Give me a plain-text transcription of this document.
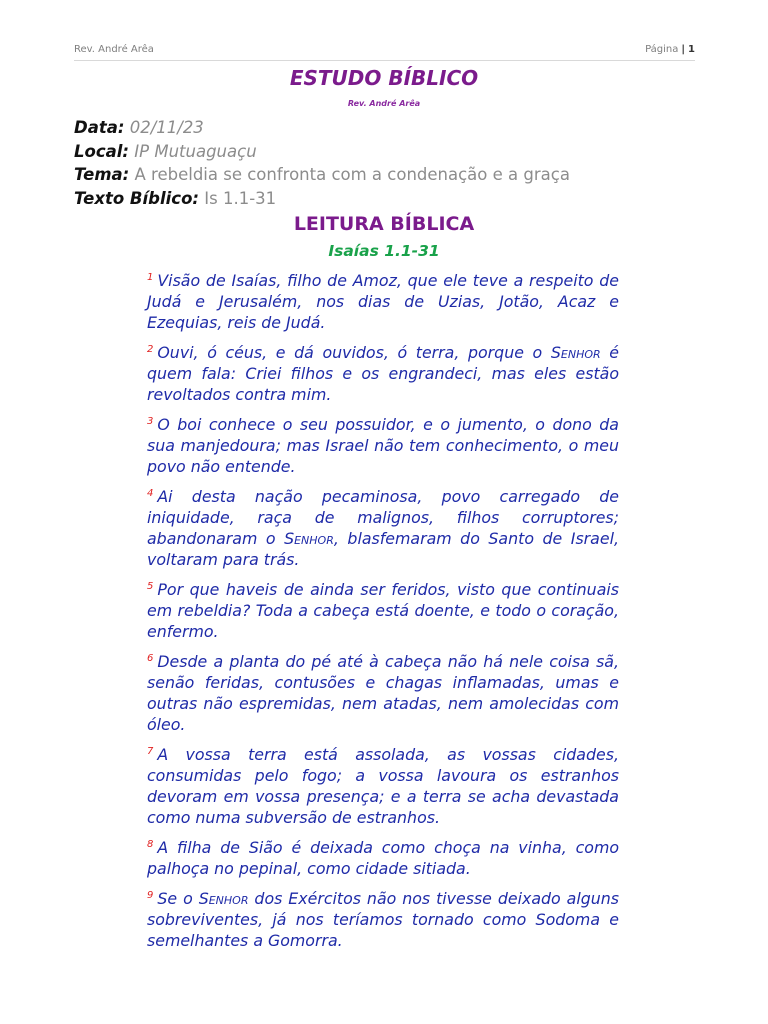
Rev. André Arêa	Página | 1
ESTUDO BÍBLICO
Rev. André Arêa
Data: 02/11/23
Local: IP Mutuaguaçu
Tema: A rebeldia se confronta com a condenação e a graça
Texto Bíblico: Is 1.1-31
LEITURA BÍBLICA
Isaías 1.1-31

$^1$ Visão de Isaías, filho de Amoz, que ele teve a respeito de Judá e Jerusalém, nos dias de Uzias, Jotão, Acaz e Ezequias, reis de Judá.

$^2$ Ouvi, ó céus, e dá ouvidos, ó terra, porque o Senhor é quem fala: Criei filhos e os engrandeci, mas eles estão revoltados contra mim.

$^3$ O boi conhece o seu possuidor, e o jumento, o dono da sua manjedoura; mas Israel não tem conhecimento, o meu povo não entende.

$^4$ Ai desta nação pecaminosa, povo carregado de iniquidade, raça de malignos, filhos corruptores; abandonaram o Senhor, blasfemaram do Santo de Israel, voltaram para trás.

$^5$ Por que haveis de ainda ser feridos, visto que continuais em rebeldia? Toda a cabeça está doente, e todo o coração, enfermo.

$^6$ Desde a planta do pé até à cabeça não há nele coisa sã, senão feridas, contusões e chagas inflamadas, umas e outras não espremidas, nem atadas, nem amolecidas com óleo.

$^7$ A vossa terra está assolada, as vossas cidades, consumidas pelo fogo; a vossa lavoura os estranhos devoram em vossa presença; e a terra se acha devastada como numa subversão de estranhos.

$^8$ A filha de Sião é deixada como choça na vinha, como palhoça no pepinal, como cidade sitiada.

$^9$ Se o Senhor dos Exércitos não nos tivesse deixado alguns sobreviventes, já nos teríamos tornado como Sodoma e semelhantes a Gomorra.
